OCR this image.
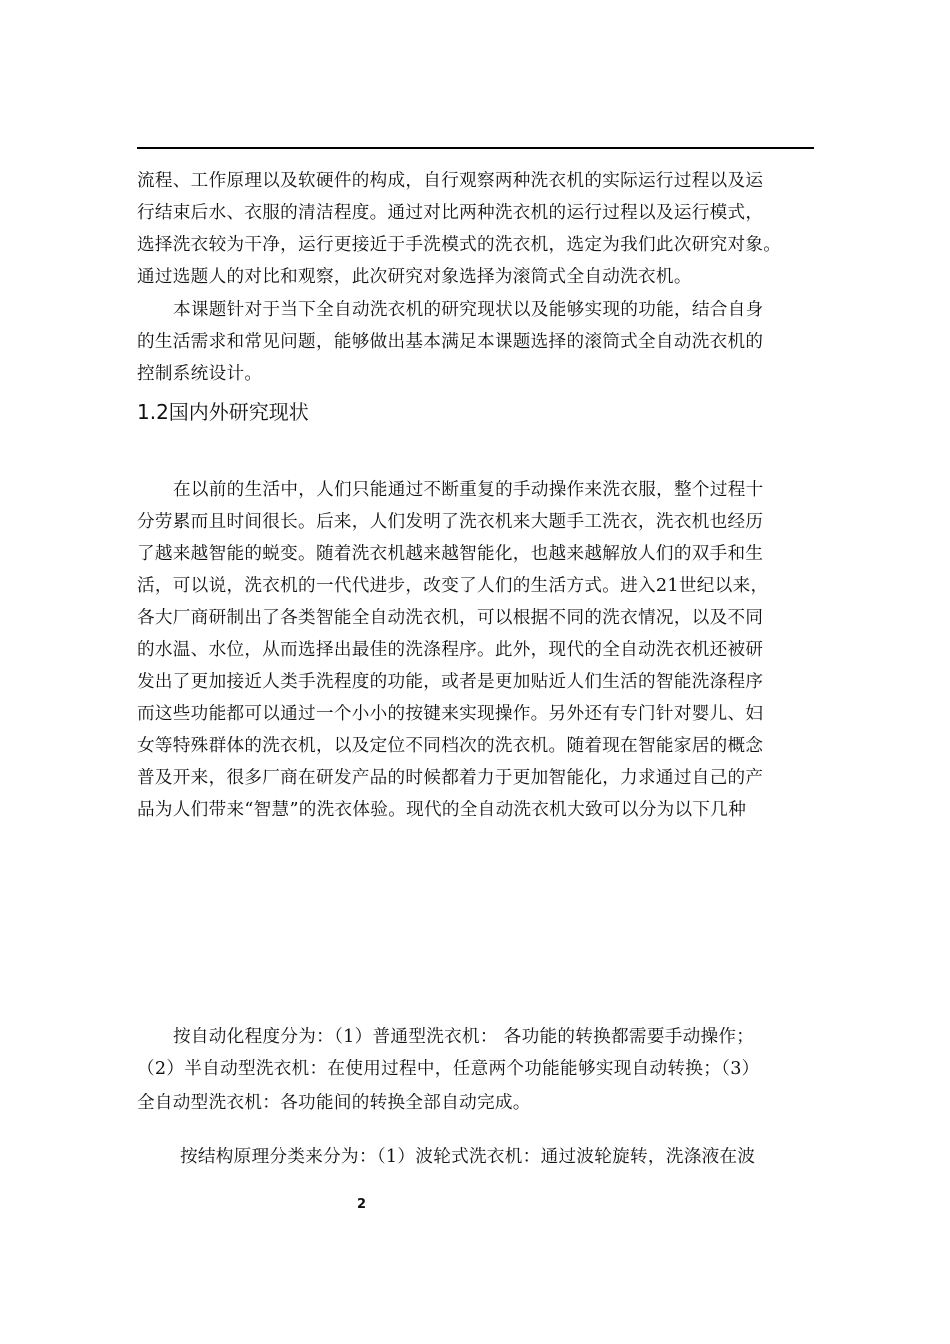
流程、工作原理以及软硬件的构成，自行观察两种洗衣机的实际运行过程以及运
行结束后水、衣服的清洁程度。通过对比两种洗衣机的运行过程以及运行模式，
选择洗衣较为干净，运行更接近于手洗模式的洗衣机，选定为我们此次研究对象。
通过选题人的对比和观察，此次研究对象选择为滚筒式全自动洗衣机。
本课题针对于当下全自动洗衣机的研究现状以及能够实现的功能，结合自身
的生活需求和常见问题，能够做出基本满足本课题选择的滚筒式全自动洗衣机的
控制系统设计。
1.2国内外研究现状
在以前的生活中，人们只能通过不断重复的手动操作来洗衣服，整个过程十
分劳累而且时间很长。后来，人们发明了洗衣机来大题手工洗衣，洗衣机也经历
了越来越智能的蜕变。随着洗衣机越来越智能化，也越来越解放人们的双手和生
活，可以说，洗衣机的一代代进步，改变了人们的生活方式。进入21世纪以来，
各大厂商研制出了各类智能全自动洗衣机，可以根据不同的洗衣情况，以及不同
的水温、水位，从而选择出最佳的洗涤程序。此外，现代的全自动洗衣机还被研
发出了更加接近人类手洗程度的功能，或者是更加贴近人们生活的智能洗涤程序
而这些功能都可以通过一个小小的按键来实现操作。另外还有专门针对婴儿、妇
女等特殊群体的洗衣机，以及定位不同档次的洗衣机。随着现在智能家居的概念
普及开来，很多厂商在研发产品的时候都着力于更加智能化，力求通过自己的产
品为人们带来“智慧”的洗衣体验。现代的全自动洗衣机大致可以分为以下几种
按自动化程度分为：（1）普通型洗衣机： 各功能的转换都需要手动操作；
（2）半自动型洗衣机：在使用过程中，任意两个功能能够实现自动转换；（3）
全自动型洗衣机：各功能间的转换全部自动完成。
按结构原理分类来分为：（1）波轮式洗衣机：通过波轮旋转，洗涤液在波
2
